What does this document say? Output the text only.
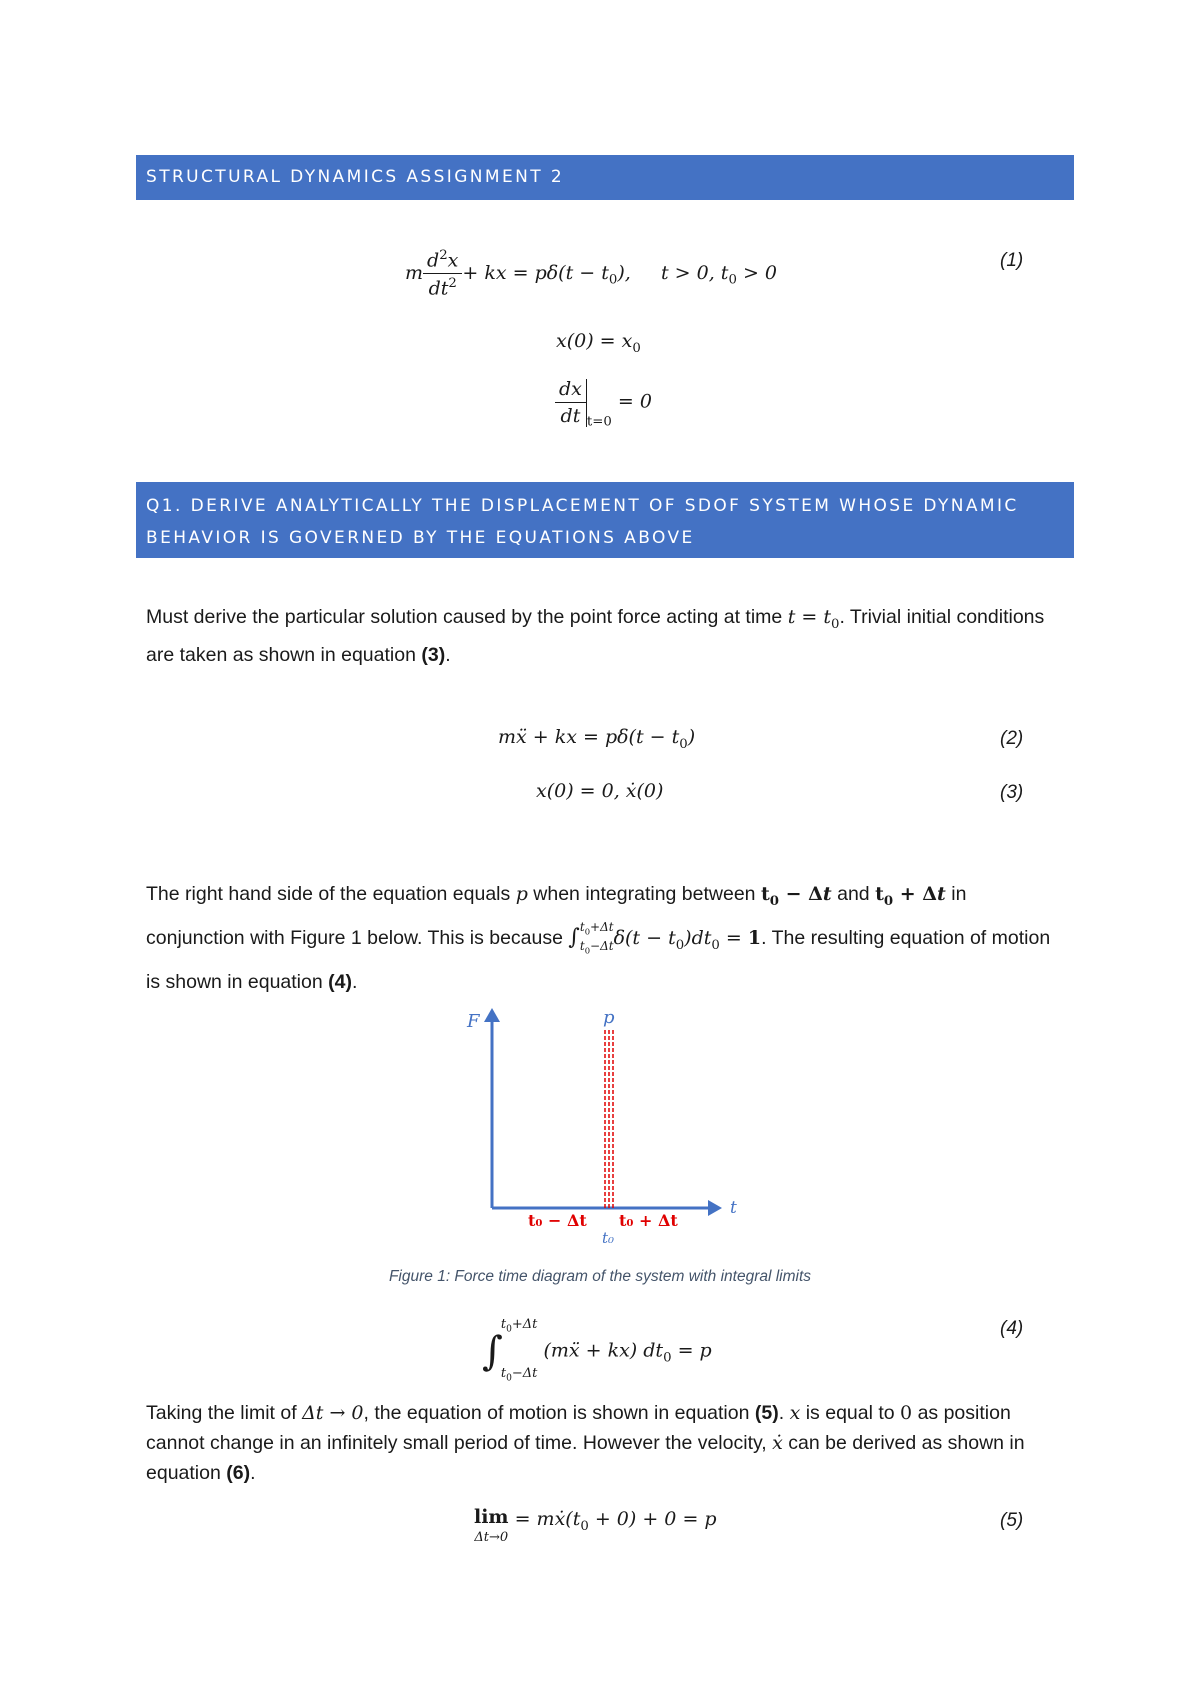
STRUCTURAL DYNAMICS ASSIGNMENT 2
m $\frac{d^2x}{dt^2}$ + kx = $p\delta(t - t_0)$,     t > 0, $t_0 > 0$
(1)
$x(0) = x_0$
$\frac{dx}{dt} _{t=0} = 0$
Q1. DERIVE ANALYTICALLY THE DISPLACEMENT OF SDOF SYSTEM WHOSE DYNAMIC BEHAVIOR IS GOVERNED BY THE EQUATIONS ABOVE
Must derive the particular solution caused by the point force acting at time $t = t_0$. Trivial initial conditions are taken as shown in equation (3).
mẍ + kx = $p\delta(t - t_0)$	(2)
x(0) = 0, ẋ(0)	(3)
The right hand side of the equation equals p when integrating between $t_0 - \Delta t$ and $t_0 + \Delta t$ in conjunction with Figure 1 below. This is because $\int t_0+\Delta t$
$t_0-\Delta t\delta(t - t_0)dt_0 = 1$. The resulting equation of motion is shown in equation (4).
F	p
t
t₀ − Δt t₀ + Δt
t₀
Figure 1: Force time diagram of the system with integral limits
$\int t_0+\Delta t$

$t_0-\Delta t$ (mẍ + kx) $dt_0 = p$
(4)
Taking the limit of Δt → 0, the equation of motion is shown in equation (5). x is equal to 0 as position cannot change in an infinitely small period of time. However the velocity, ẋ can be derived as shown in equation (6).
lim
$\Delta t\to 0 = mẋ(t_0 + 0) + 0 = p$	(5)
